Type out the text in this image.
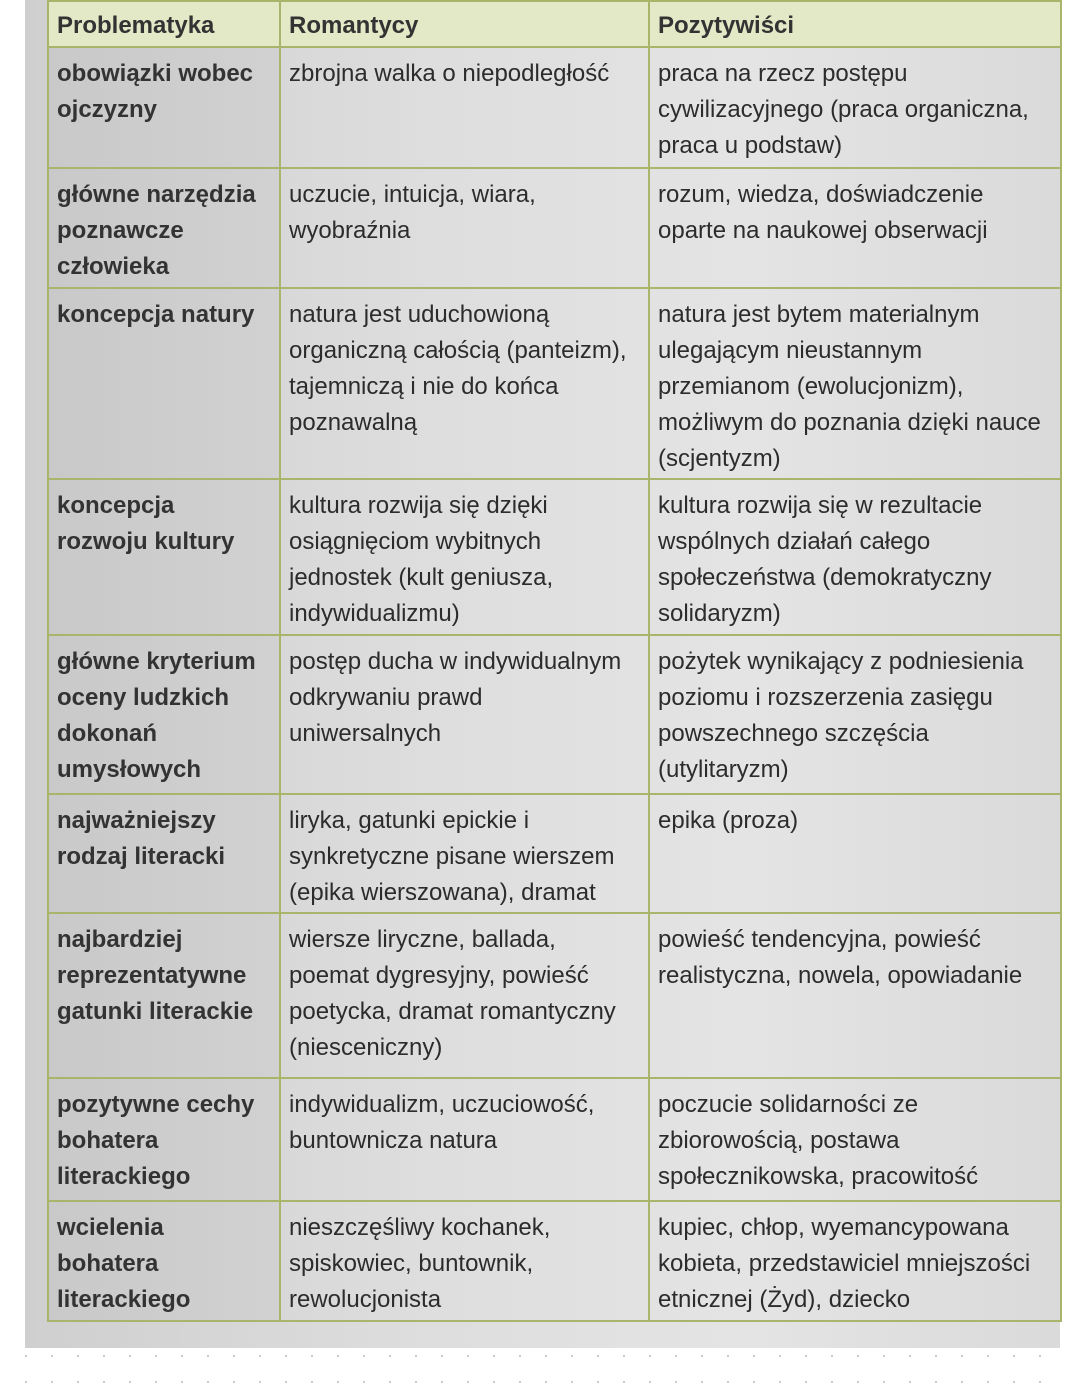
Problematyka	Romantycy	Pozytywiści
obowiązki wobec ojczyzny	zbrojna walka o niepodległość	praca na rzecz postępu cywilizacyjnego (praca organiczna, praca u podstaw)
główne narzędzia poznawcze człowieka	uczucie, intuicja, wiara, wyobraźnia	rozum, wiedza, doświadczenie oparte na naukowej obserwacji
koncepcja natury	natura jest uduchowioną organiczną całością (panteizm), tajemniczą i nie do końca poznawalną	natura jest bytem materialnym ulegającym nieustannym przemianom (ewolucjonizm), możliwym do poznania dzięki nauce (scjentyzm)
koncepcja rozwoju kultury	kultura rozwija się dzięki osiągnięciom wybitnych jednostek (kult geniusza, indywidualizmu)	kultura rozwija się w rezultacie wspólnych działań całego społeczeństwa (demokratyczny solidaryzm)
główne kryterium oceny ludzkich dokonań umysłowych	postęp ducha w indywidualnym odkrywaniu prawd uniwersalnych	pożytek wynikający z podniesienia poziomu i rozszerzenia zasięgu powszechnego szczęścia (utylitaryzm)
najważniejszy rodzaj literacki	liryka, gatunki epickie i synkretyczne pisane wierszem (epika wierszowana), dramat	epika (proza)
najbardziej reprezentatywne gatunki literackie	wiersze liryczne, ballada, poemat dygresyjny, powieść poetycka, dramat romantyczny (niesceniczny)	powieść tendencyjna, powieść realistyczna, nowela, opowiadanie
pozytywne cechy bohatera literackiego	indywidualizm, uczuciowość, buntownicza natura	poczucie solidarności ze zbiorowością, postawa społecznikowska, pracowitość
wcielenia bohatera literackiego	nieszczęśliwy kochanek, spiskowiec, buntownik, rewolucjonista	kupiec, chłop, wyemancypowana kobieta, przedstawiciel mniejszości etnicznej (Żyd), dziecko
